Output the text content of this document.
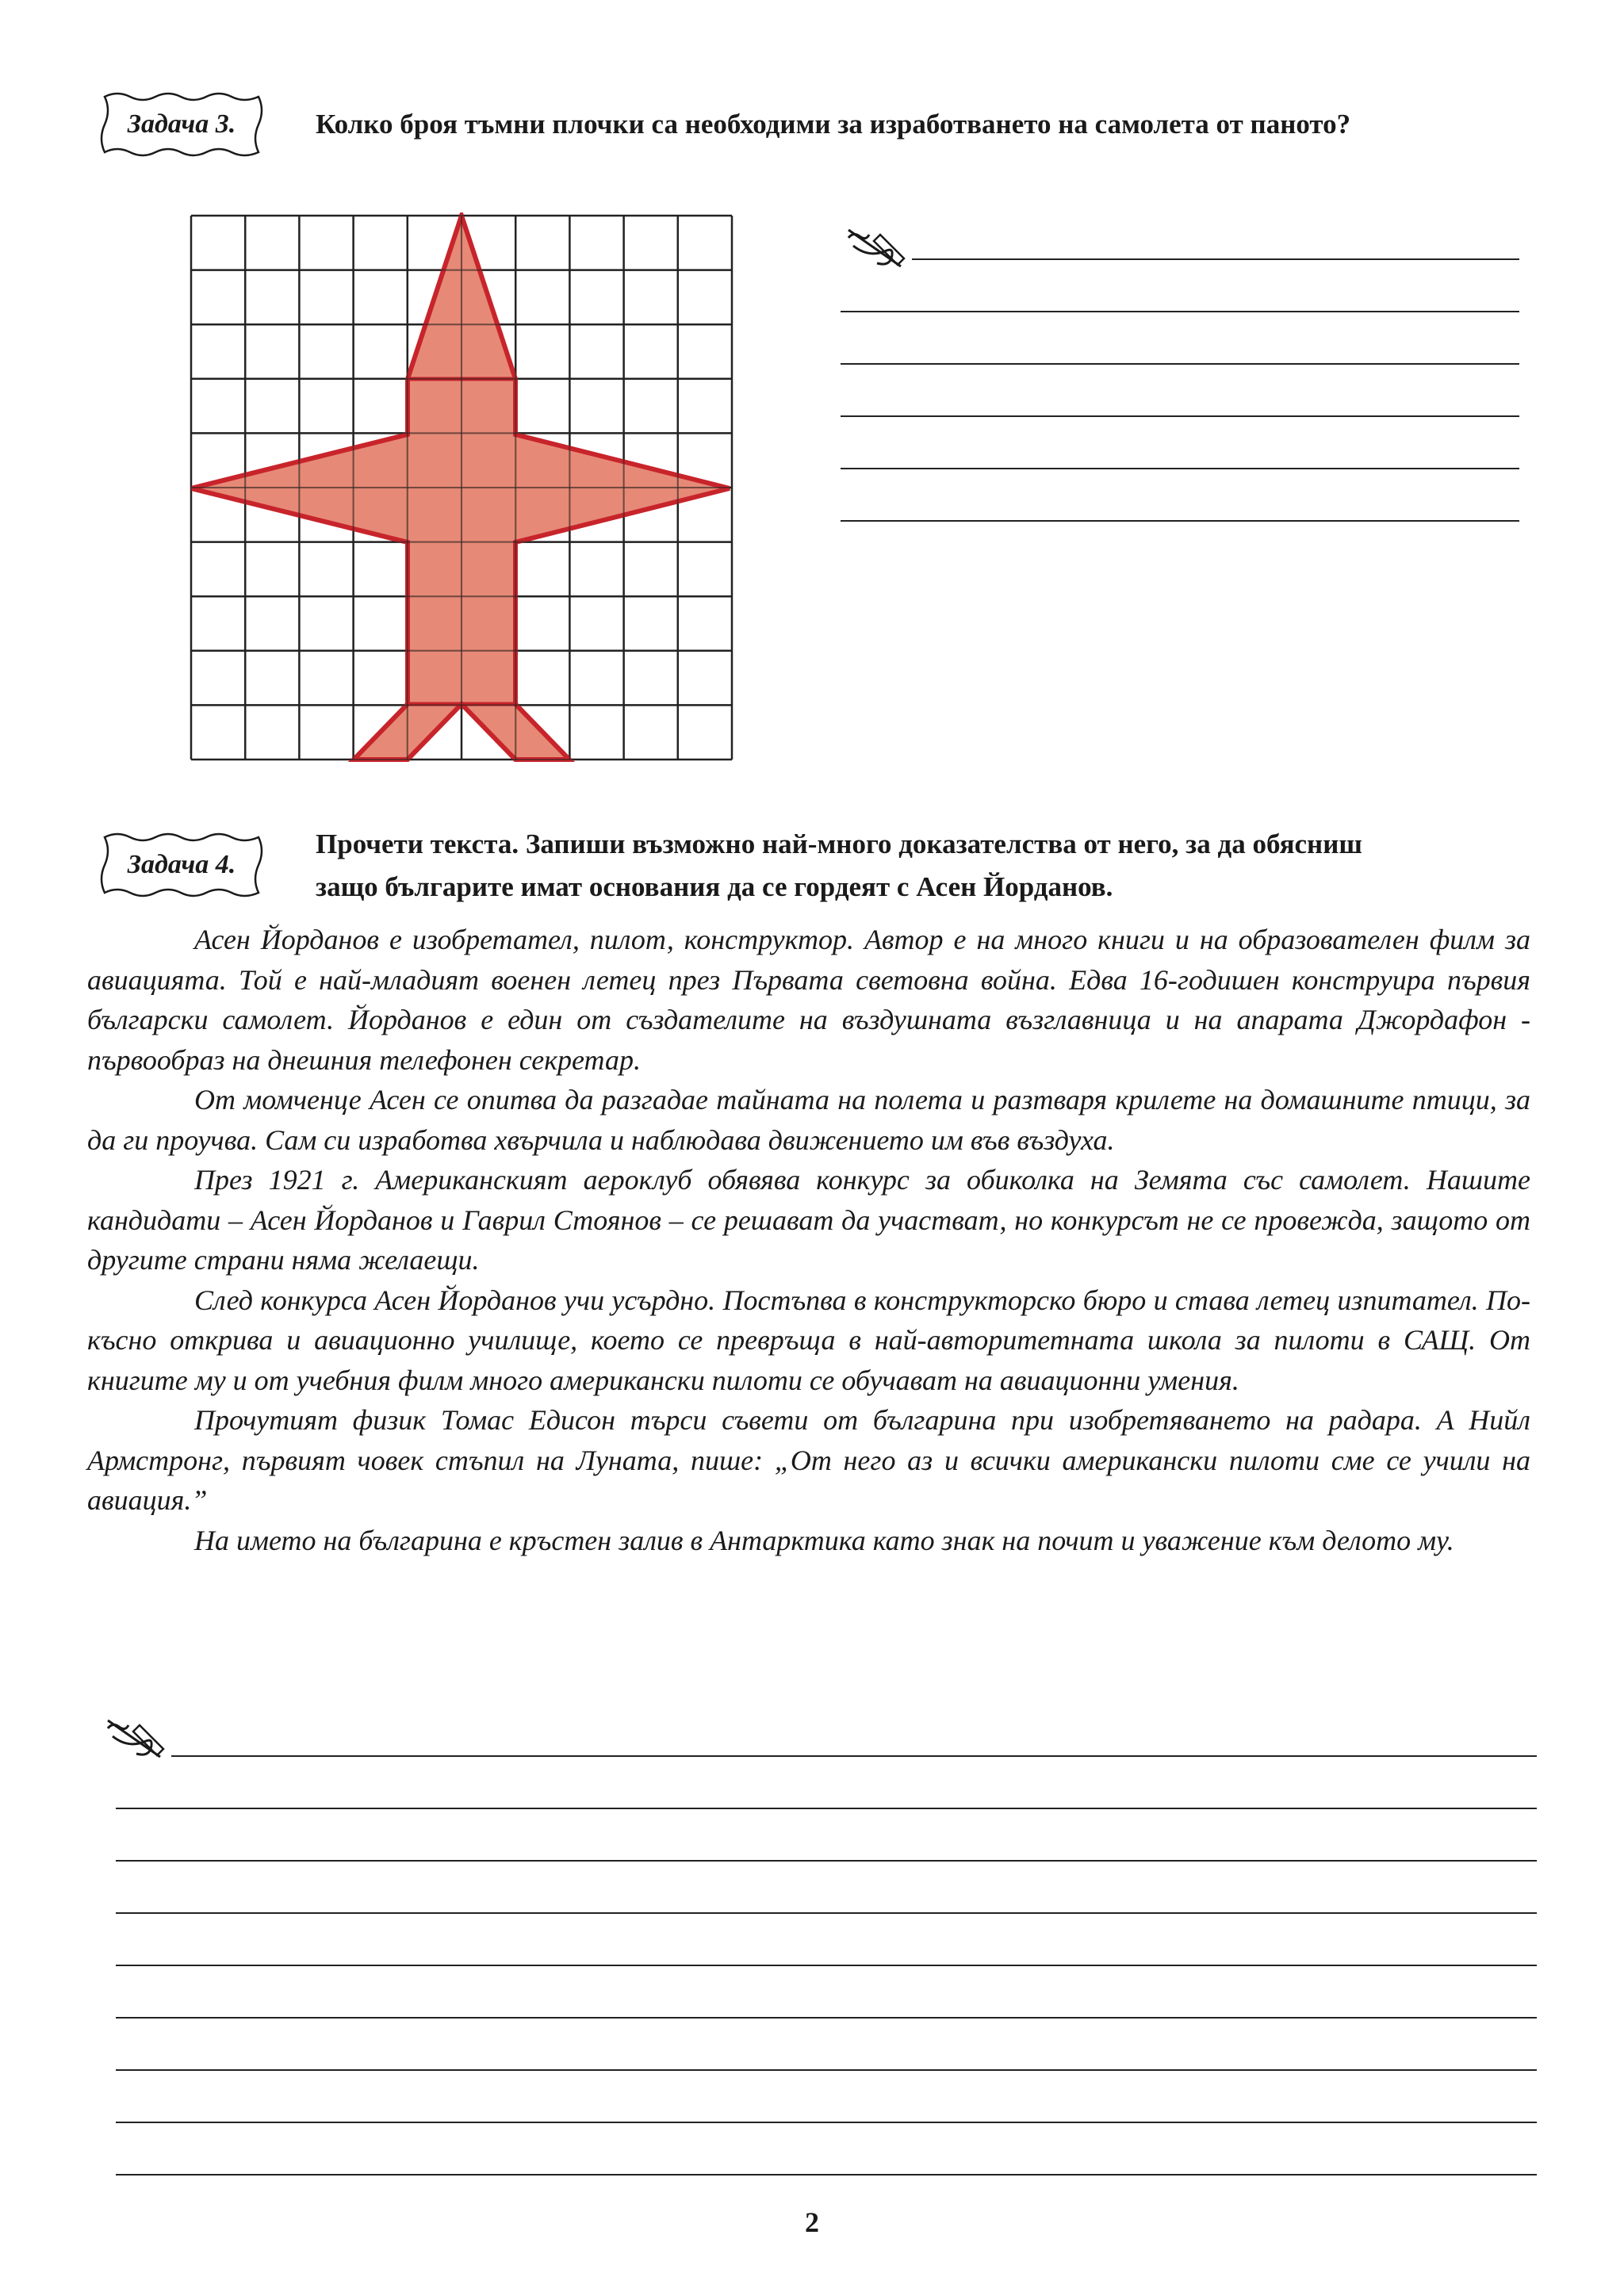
Задача 3.	Колко броя тъмни плочки са необходими за изработването на самолета от паното?
Задача 4.
Прочети текста. Запиши възможно най-много доказателства от него, за да обясниш
защо българите имат основания да се гордеят с Асен Йорданов.

Асен Йорданов е изобретател, пилот, конструктор. Автор е на много книги и на образователен филм за авиацията. Той е най-младият военен летец през Първата световна война. Едва 16-годишен конструира първия български самолет. Йорданов е един от създателите на въздушната възглавница и на апарата Джордафон - първообраз на днешния телефонен секретар.

От момченце Асен се опитва да разгадае тайната на полета и разтваря крилете на домашните птици, за да ги проучва. Сам си изработва хвърчила и наблюдава движението им във въздуха.

През 1921 г. Американският аероклуб обявява конкурс за обиколка на Земята със самолет. Нашите кандидати – Асен Йорданов и Гаврил Стоянов – се решават да участват, но конкурсът не се провежда, защото от другите страни няма желаещи.

След конкурса Асен Йорданов учи усърдно. Постъпва в конструкторско бюро и става летец изпитател. По-късно открива и авиационно училище, което се превръща в най-авторитетната школа за пилоти в САЩ. От книгите му и от учебния филм много американски пилоти се обучават на авиационни умения.

Прочутият физик Томас Едисон търси съвети от българина при изобретяването на радара. А Нийл Армстронг, първият човек стъпил на Луната, пише: „От него аз и всички американски пилоти сме се учили на авиация.”

На името на българина е кръстен залив в Антарктика като знак на почит и уважение към делото му.

2
